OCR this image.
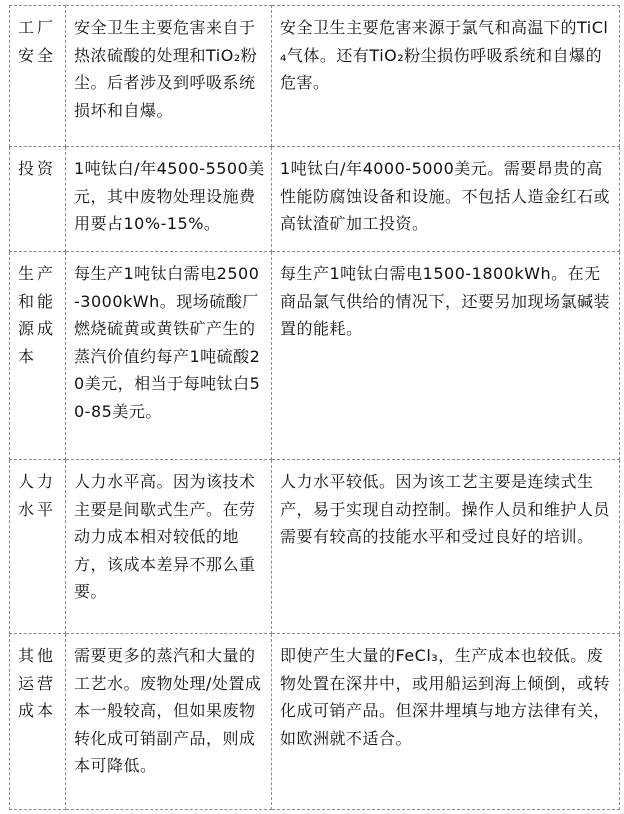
工厂安全	安全卫生主要危害来自于热浓硫酸的处理和TiO₂粉尘。后者涉及到呼吸系统损坏和自爆。	安全卫生主要危害来源于氯气和高温下的TiCl₄气体。还有TiO₂粉尘损伤呼吸系统和自爆的危害。

投资	1吨钛白/年4500-5500美元，其中废物处理设施费用要占10%-15%。	1吨钛白/年4000-5000美元。需要昂贵的高性能防腐蚀设备和设施。不包括人造金红石或高钛渣矿加工投资。

生产和能源成本	每生产1吨钛白需电2500-3000kWh。现场硫酸厂燃烧硫黄或黄铁矿产生的蒸汽价值约每产1吨硫酸20美元，相当于每吨钛白50-85美元。	每生产1吨钛白需电1500-1800kWh。在无商品氯气供给的情况下，还要另加现场氯碱装置的能耗。

人力水平	人力水平高。因为该技术主要是间歇式生产。在劳动力成本相对较低的地方，该成本差异不那么重要。	人力水平较低。因为该工艺主要是连续式生产，易于实现自动控制。操作人员和维护人员需要有较高的技能水平和受过良好的培训。

其他运营成本	需要更多的蒸汽和大量的工艺水。废物处理/处置成本一般较高，但如果废物转化成可销副产品，则成本可降低。	即使产生大量的FeCl₃，生产成本也较低。废物处置在深井中，或用船运到海上倾倒，或转化成可销产品。但深井埋填与地方法律有关，如欧洲就不适合。
